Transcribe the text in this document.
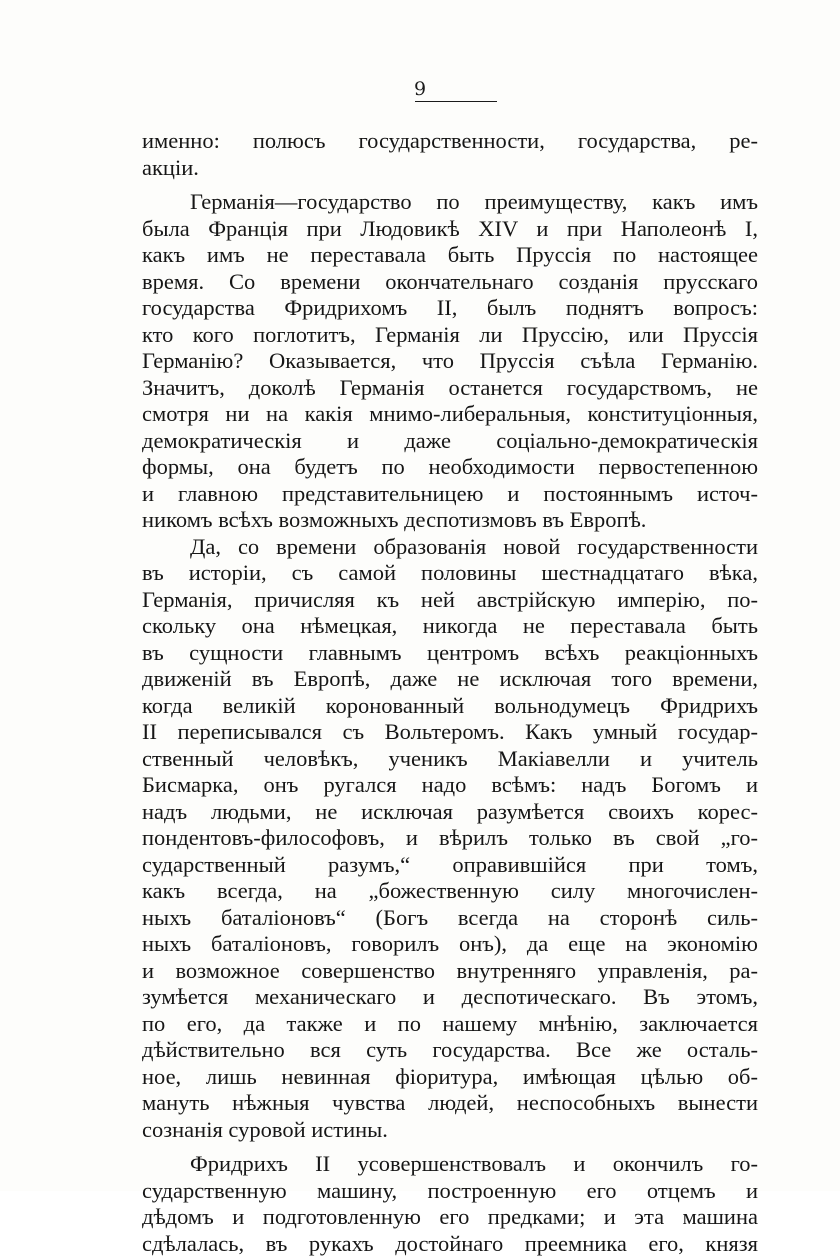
9
именно: полюсъ государственности, государства, ре-
акціи.
Германія—государство по преимуществу, какъ имъ
была Франція при Людовикѣ XIV и при Наполеонѣ I,
какъ имъ не переставала быть Пруссія по настоящее
время. Со времени окончательнаго созданія прусскаго
государства Фридрихомъ II, былъ поднятъ вопросъ:
кто кого поглотитъ, Германія ли Пруссію, или Пруссія
Германію? Оказывается, что Пруссія съѣла Германію.
Значитъ, доколѣ Германія останется государствомъ, не
смотря ни на какія мнимо-либеральныя, конституціонныя,
демократическія и даже соціально-демократическія
формы, она будетъ по необходимости первостепенною
и главною представительницею и постояннымъ источ-
никомъ всѣхъ возможныхъ деспотизмовъ въ Европѣ.
Да, со времени образованія новой государственности
въ исторіи, съ самой половины шестнадцатаго вѣка,
Германія, причисляя къ ней австрійскую имперію, по-
скольку она нѣмецкая, никогда не переставала быть
въ сущности главнымъ центромъ всѣхъ реакціонныхъ
движеній въ Европѣ, даже не исключая того времени,
когда великій коронованный вольнодумецъ Фридрихъ
II переписывался съ Вольтеромъ. Какъ умный государ-
ственный человѣкъ, ученикъ Макіавелли и учитель
Бисмарка, онъ ругался надо всѣмъ: надъ Богомъ и
надъ людьми, не исключая разумѣется своихъ корес-
пондентовъ-философовъ, и вѣрилъ только въ свой „го-
сударственный разумъ,“ оправившійся при томъ,
какъ всегда, на „божественную силу многочислен-
ныхъ баталіоновъ“ (Богъ всегда на сторонѣ силь-
ныхъ баталіоновъ, говорилъ онъ), да еще на экономію
и возможное совершенство внутренняго управленія, ра-
зумѣется механическаго и деспотическаго. Въ этомъ,
по его, да также и по нашему мнѣнію, заключается
дѣйствительно вся суть государства. Все же осталь-
ное, лишь невинная фіоритура, имѣющая цѣлью об-
мануть нѣжныя чувства людей, неспособныхъ вынести
сознанія суровой истины.
Фридрихъ II усовершенствовалъ и окончилъ го-
сударственную машину, построенную его отцемъ и
дѣдомъ и подготовленную его предками; и эта машина
сдѣлалась, въ рукахъ достойнаго преемника его, князя
